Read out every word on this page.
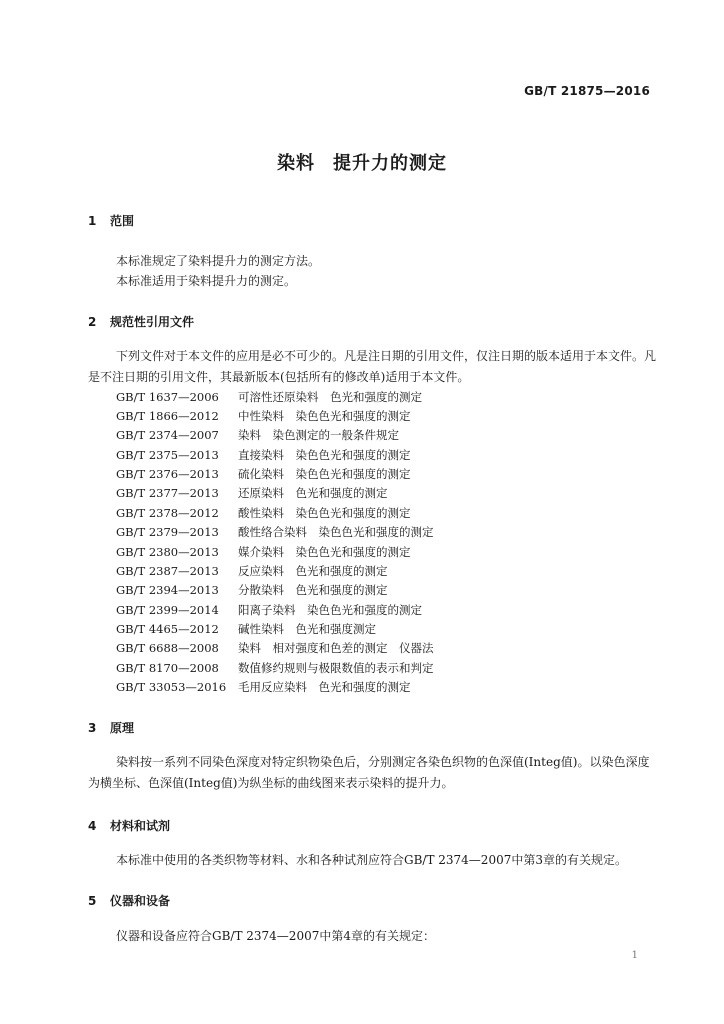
GB/T 21875—2016
染料 提升力的测定
1 范围
本标准规定了染料提升力的测定方法。
本标准适用于染料提升力的测定。
2 规范性引用文件
下列文件对于本文件的应用是必不可少的。凡是注日期的引用文件，仅注日期的版本适用于本文件。凡是不注日期的引用文件，其最新版本(包括所有的修改单)适用于本文件。
GB/T 1637—2006 可溶性还原染料　色光和强度的测定
GB/T 1866—2012 中性染料　染色色光和强度的测定
GB/T 2374—2007 染料　染色测定的一般条件规定
GB/T 2375—2013 直接染料　染色色光和强度的测定
GB/T 2376—2013 硫化染料　染色色光和强度的测定
GB/T 2377—2013 还原染料　色光和强度的测定
GB/T 2378—2012 酸性染料　染色色光和强度的测定
GB/T 2379—2013 酸性络合染料　染色色光和强度的测定
GB/T 2380—2013 媒介染料　染色色光和强度的测定
GB/T 2387—2013 反应染料　色光和强度的测定
GB/T 2394—2013 分散染料　色光和强度的测定
GB/T 2399—2014 阳离子染料　染色色光和强度的测定
GB/T 4465—2012 碱性染料　色光和强度测定
GB/T 6688—2008 染料　相对强度和色差的测定　仪器法
GB/T 8170—2008 数值修约规则与极限数值的表示和判定
GB/T 33053—2016 毛用反应染料　色光和强度的测定
3 原理
染料按一系列不同染色深度对特定织物染色后，分别测定各染色织物的色深值(Integ值)。以染色深度为横坐标、色深值(Integ值)为纵坐标的曲线图来表示染料的提升力。
4 材料和试剂
本标准中使用的各类织物等材料、水和各种试剂应符合GB/T 2374—2007中第3章的有关规定。
5 仪器和设备
仪器和设备应符合GB/T 2374—2007中第4章的有关规定：
1
